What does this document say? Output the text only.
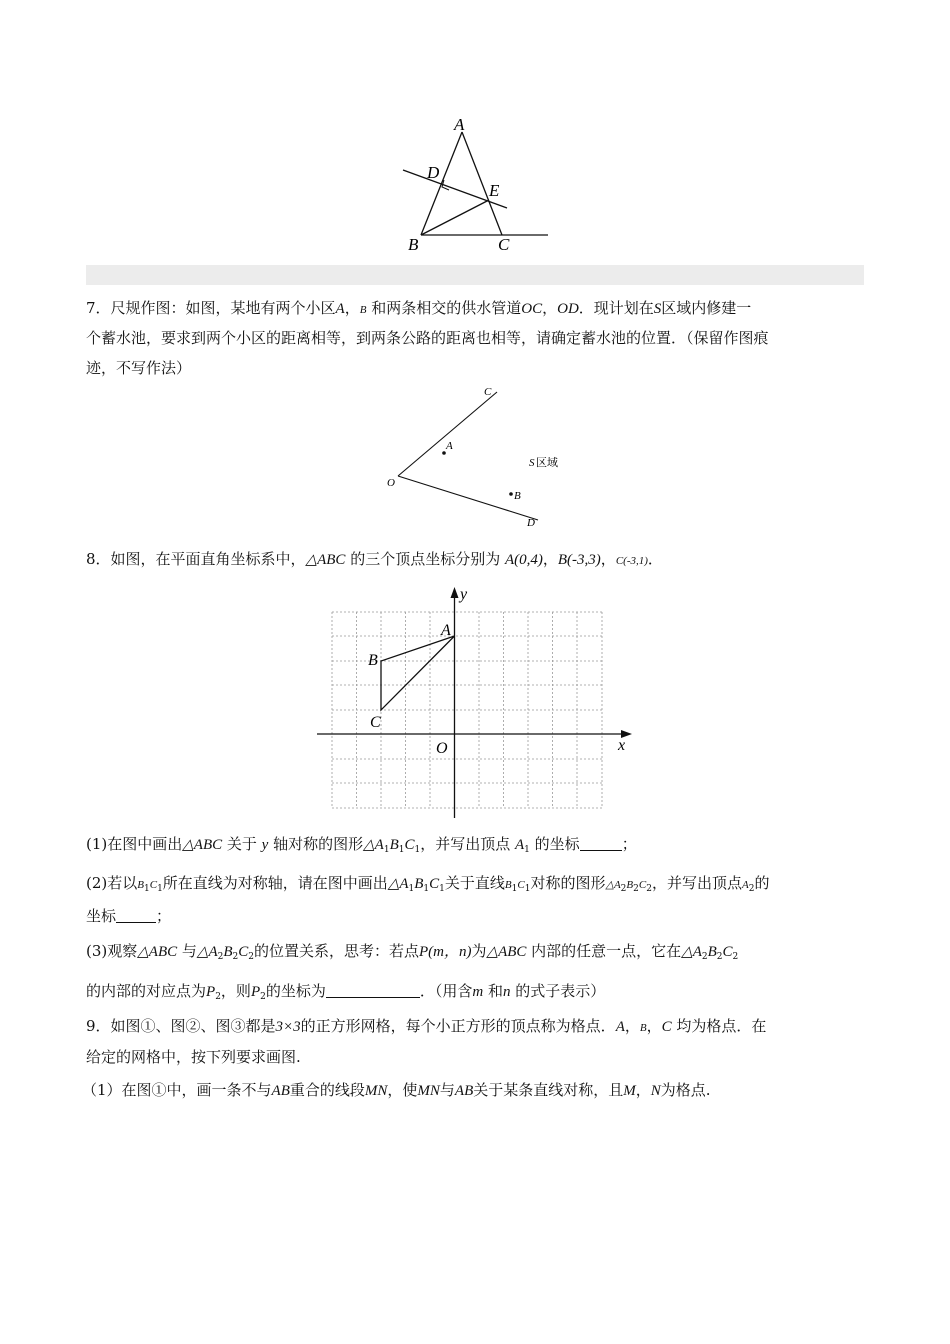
A
D
E
B	C
7．尺规作图：如图，某地有两个小区A，B 和两条相交的供水管道OC，OD．现计划在S区域内修建一
个蓄水池，要求到两个小区的距离相等，到两条公路的距离也相等，请确定蓄水池的位置．（保留作图痕
迹，不写作法）
C
A
S 区域
O
B
D
8．如图，在平面直角坐标系中，△ABC 的三个顶点坐标分别为 A(0,4)，B(-3,3)，C(-3,1)．
y
A
B
C
O	x
(1)在图中画出△ABC 关于 y 轴对称的图形$\triangle A_1B_1C_1$，并写出顶点 $A_1$ 的坐标	；
(2)若以$B_1C_1$所在直线为对称轴，请在图中画出$\triangle A_1B_1C_1$关于直线$B_1C_1$对称的图形$\triangle A_2B_2C_2$，并写出顶点$A_2$的
坐标	；
(3)观察△ABC 与$\triangle A_2B_2C_2$的位置关系，思考：若点P(m，n)为△ABC 内部的任意一点，它在$\triangle A_2B_2C_2$
的内部的对应点为$P_2$，则$P_2$的坐标为	．（用含m 和n 的式子表示）
9．如图①、图②、图③都是3×3的正方形网格，每个小正方形的顶点称为格点．A，B，C 均为格点．在
给定的网格中，按下列要求画图.
（1）在图①中，画一条不与AB重合的线段MN，使MN与AB关于某条直线对称，且M，N为格点.
